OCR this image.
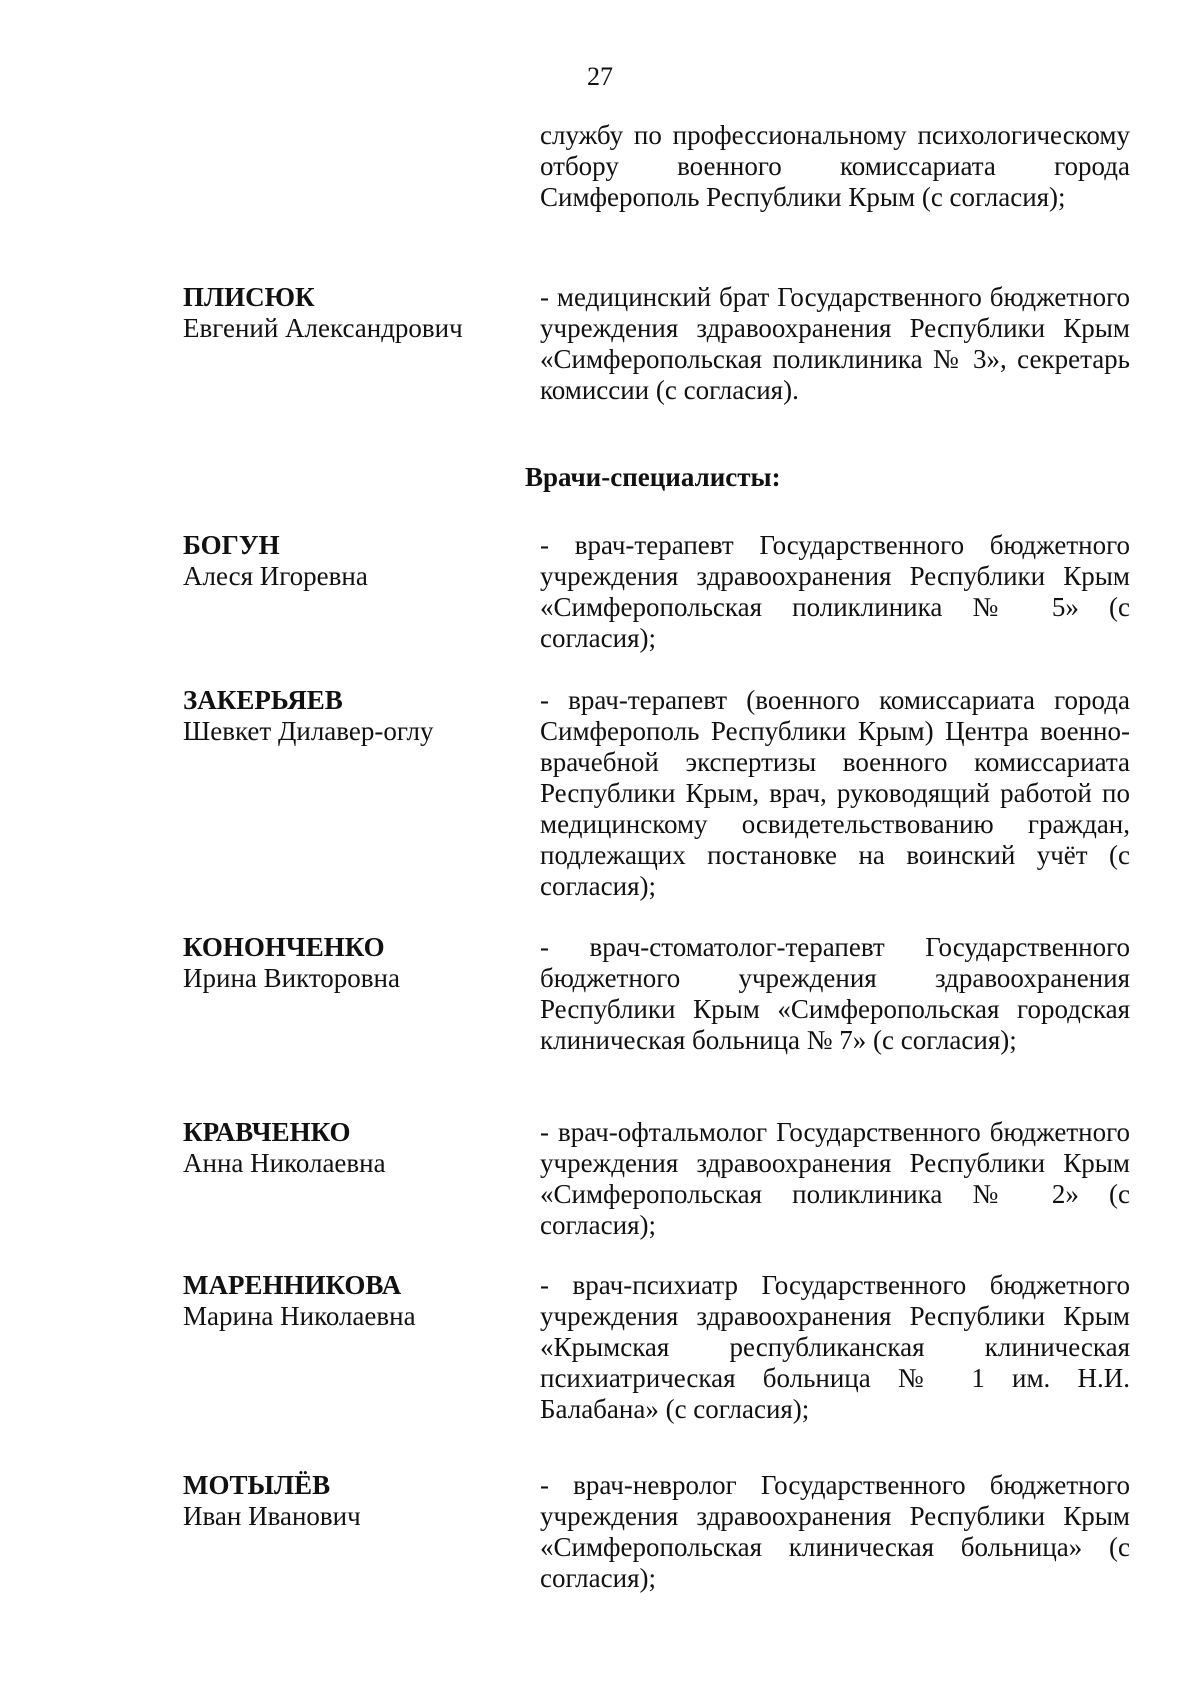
27
службу по профессиональному психологическому отбору военного комиссариата города Симферополь Республики Крым (с согласия);
ПЛИСЮК
Евгений Александрович
- медицинский брат Государственного бюджетного учреждения здравоохранения Республики Крым «Симферопольская поликлиника № 3», секретарь комиссии (с согласия).
Врачи-специалисты:
БОГУН
Алеся Игоревна
- врач-терапевт Государственного бюджетного учреждения здравоохранения Республики Крым «Симферопольская поликлиника № 5» (с согласия);
ЗАКЕРЬЯЕВ
Шевкет Дилавер-оглу
- врач-терапевт (военного комиссариата города Симферополь Республики Крым) Центра военно-врачебной экспертизы военного комиссариата Республики Крым, врач, руководящий работой по медицинскому освидетельствованию граждан, подлежащих постановке на воинский учёт (с согласия);
КОНОНЧЕНКО
Ирина Викторовна
- врач-стоматолог-терапевт Государственного бюджетного учреждения здравоохранения Республики Крым «Симферопольская городская клиническая больница № 7» (с согласия);
КРАВЧЕНКО
Анна Николаевна
- врач-офтальмолог Государственного бюджетного учреждения здравоохранения Республики Крым «Симферопольская поликлиника № 2» (с согласия);
МАРЕННИКОВА
Марина Николаевна
- врач-психиатр Государственного бюджетного учреждения здравоохранения Республики Крым «Крымская республиканская клиническая психиатрическая больница № 1 им. Н.И. Балабана» (с согласия);
МОТЫЛЁВ
Иван Иванович
- врач-невролог Государственного бюджетного учреждения здравоохранения Республики Крым «Симферопольская клиническая больница» (с согласия);
